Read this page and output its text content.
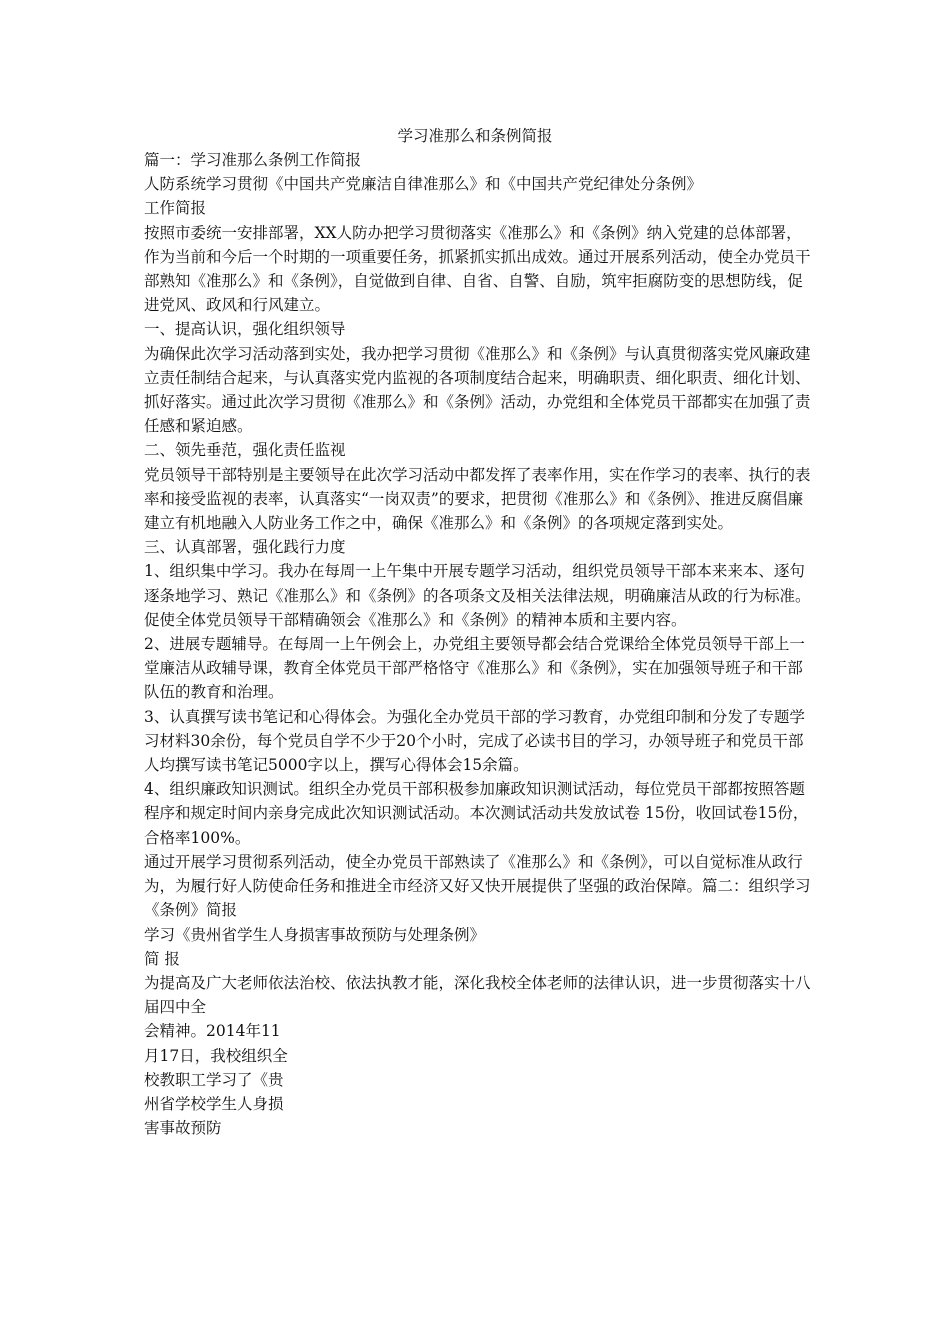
学习准那么和条例简报

篇一：学习准那么条例工作简报

人防系统学习贯彻《中国共产党廉洁自律准那么》和《中国共产党纪律处分条例》

工作简报

按照市委统一安排部署，XX人防办把学习贯彻落实《准那么》和《条例》纳入党建的总体部署，作为当前和今后一个时期的一项重要任务，抓紧抓实抓出成效。通过开展系列活动，使全办党员干部熟知《准那么》和《条例》，自觉做到自律、自省、自警、自励，筑牢拒腐防变的思想防线，促进党风、政风和行风建立。

一、提高认识，强化组织领导

为确保此次学习活动落到实处，我办把学习贯彻《准那么》和《条例》与认真贯彻落实党风廉政建立责任制结合起来，与认真落实党内监视的各项制度结合起来，明确职责、细化职责、细化计划、抓好落实。通过此次学习贯彻《准那么》和《条例》活动，办党组和全体党员干部都实在加强了责任感和紧迫感。

二、领先垂范，强化责任监视

党员领导干部特别是主要领导在此次学习活动中都发挥了表率作用，实在作学习的表率、执行的表率和接受监视的表率，认真落实“一岗双责”的要求，把贯彻《准那么》和《条例》、推进反腐倡廉建立有机地融入人防业务工作之中，确保《准那么》和《条例》的各项规定落到实处。

三、认真部署，强化践行力度

1、组织集中学习。我办在每周一上午集中开展专题学习活动，组织党员领导干部本来来本、逐句逐条地学习、熟记《准那么》和《条例》的各项条文及相关法律法规，明确廉洁从政的行为标准。促使全体党员领导干部精确领会《准那么》和《条例》的精神本质和主要内容。

2、进展专题辅导。在每周一上午例会上，办党组主要领导都会结合党课给全体党员领导干部上一堂廉洁从政辅导课，教育全体党员干部严格恪守《准那么》和《条例》，实在加强领导班子和干部队伍的教育和治理。

3、认真撰写读书笔记和心得体会。为强化全办党员干部的学习教育，办党组印制和分发了专题学习材料30余份，每个党员自学不少于20个小时，完成了必读书目的学习，办领导班子和党员干部人均撰写读书笔记5000字以上，撰写心得体会15余篇。

4、组织廉政知识测试。组织全办党员干部积极参加廉政知识测试活动，每位党员干部都按照答题程序和规定时间内亲身完成此次知识测试活动。本次测试活动共发放试卷 15份，收回试卷15份，合格率100%。

通过开展学习贯彻系列活动，使全办党员干部熟读了《准那么》和《条例》，可以自觉标准从政行为，为履行好人防使命任务和推进全市经济又好又快开展提供了坚强的政治保障。篇二：组织学习《条例》简报

学习《贵州省学生人身损害事故预防与处理条例》

简 报

为提高及广大老师依法治校、依法执教才能，深化我校全体老师的法律认识，进一步贯彻落实十八届四中全

会精神。2014年11月17日，我校组织全校教职工学习了《贵州省学校学生人身损害事故预防
